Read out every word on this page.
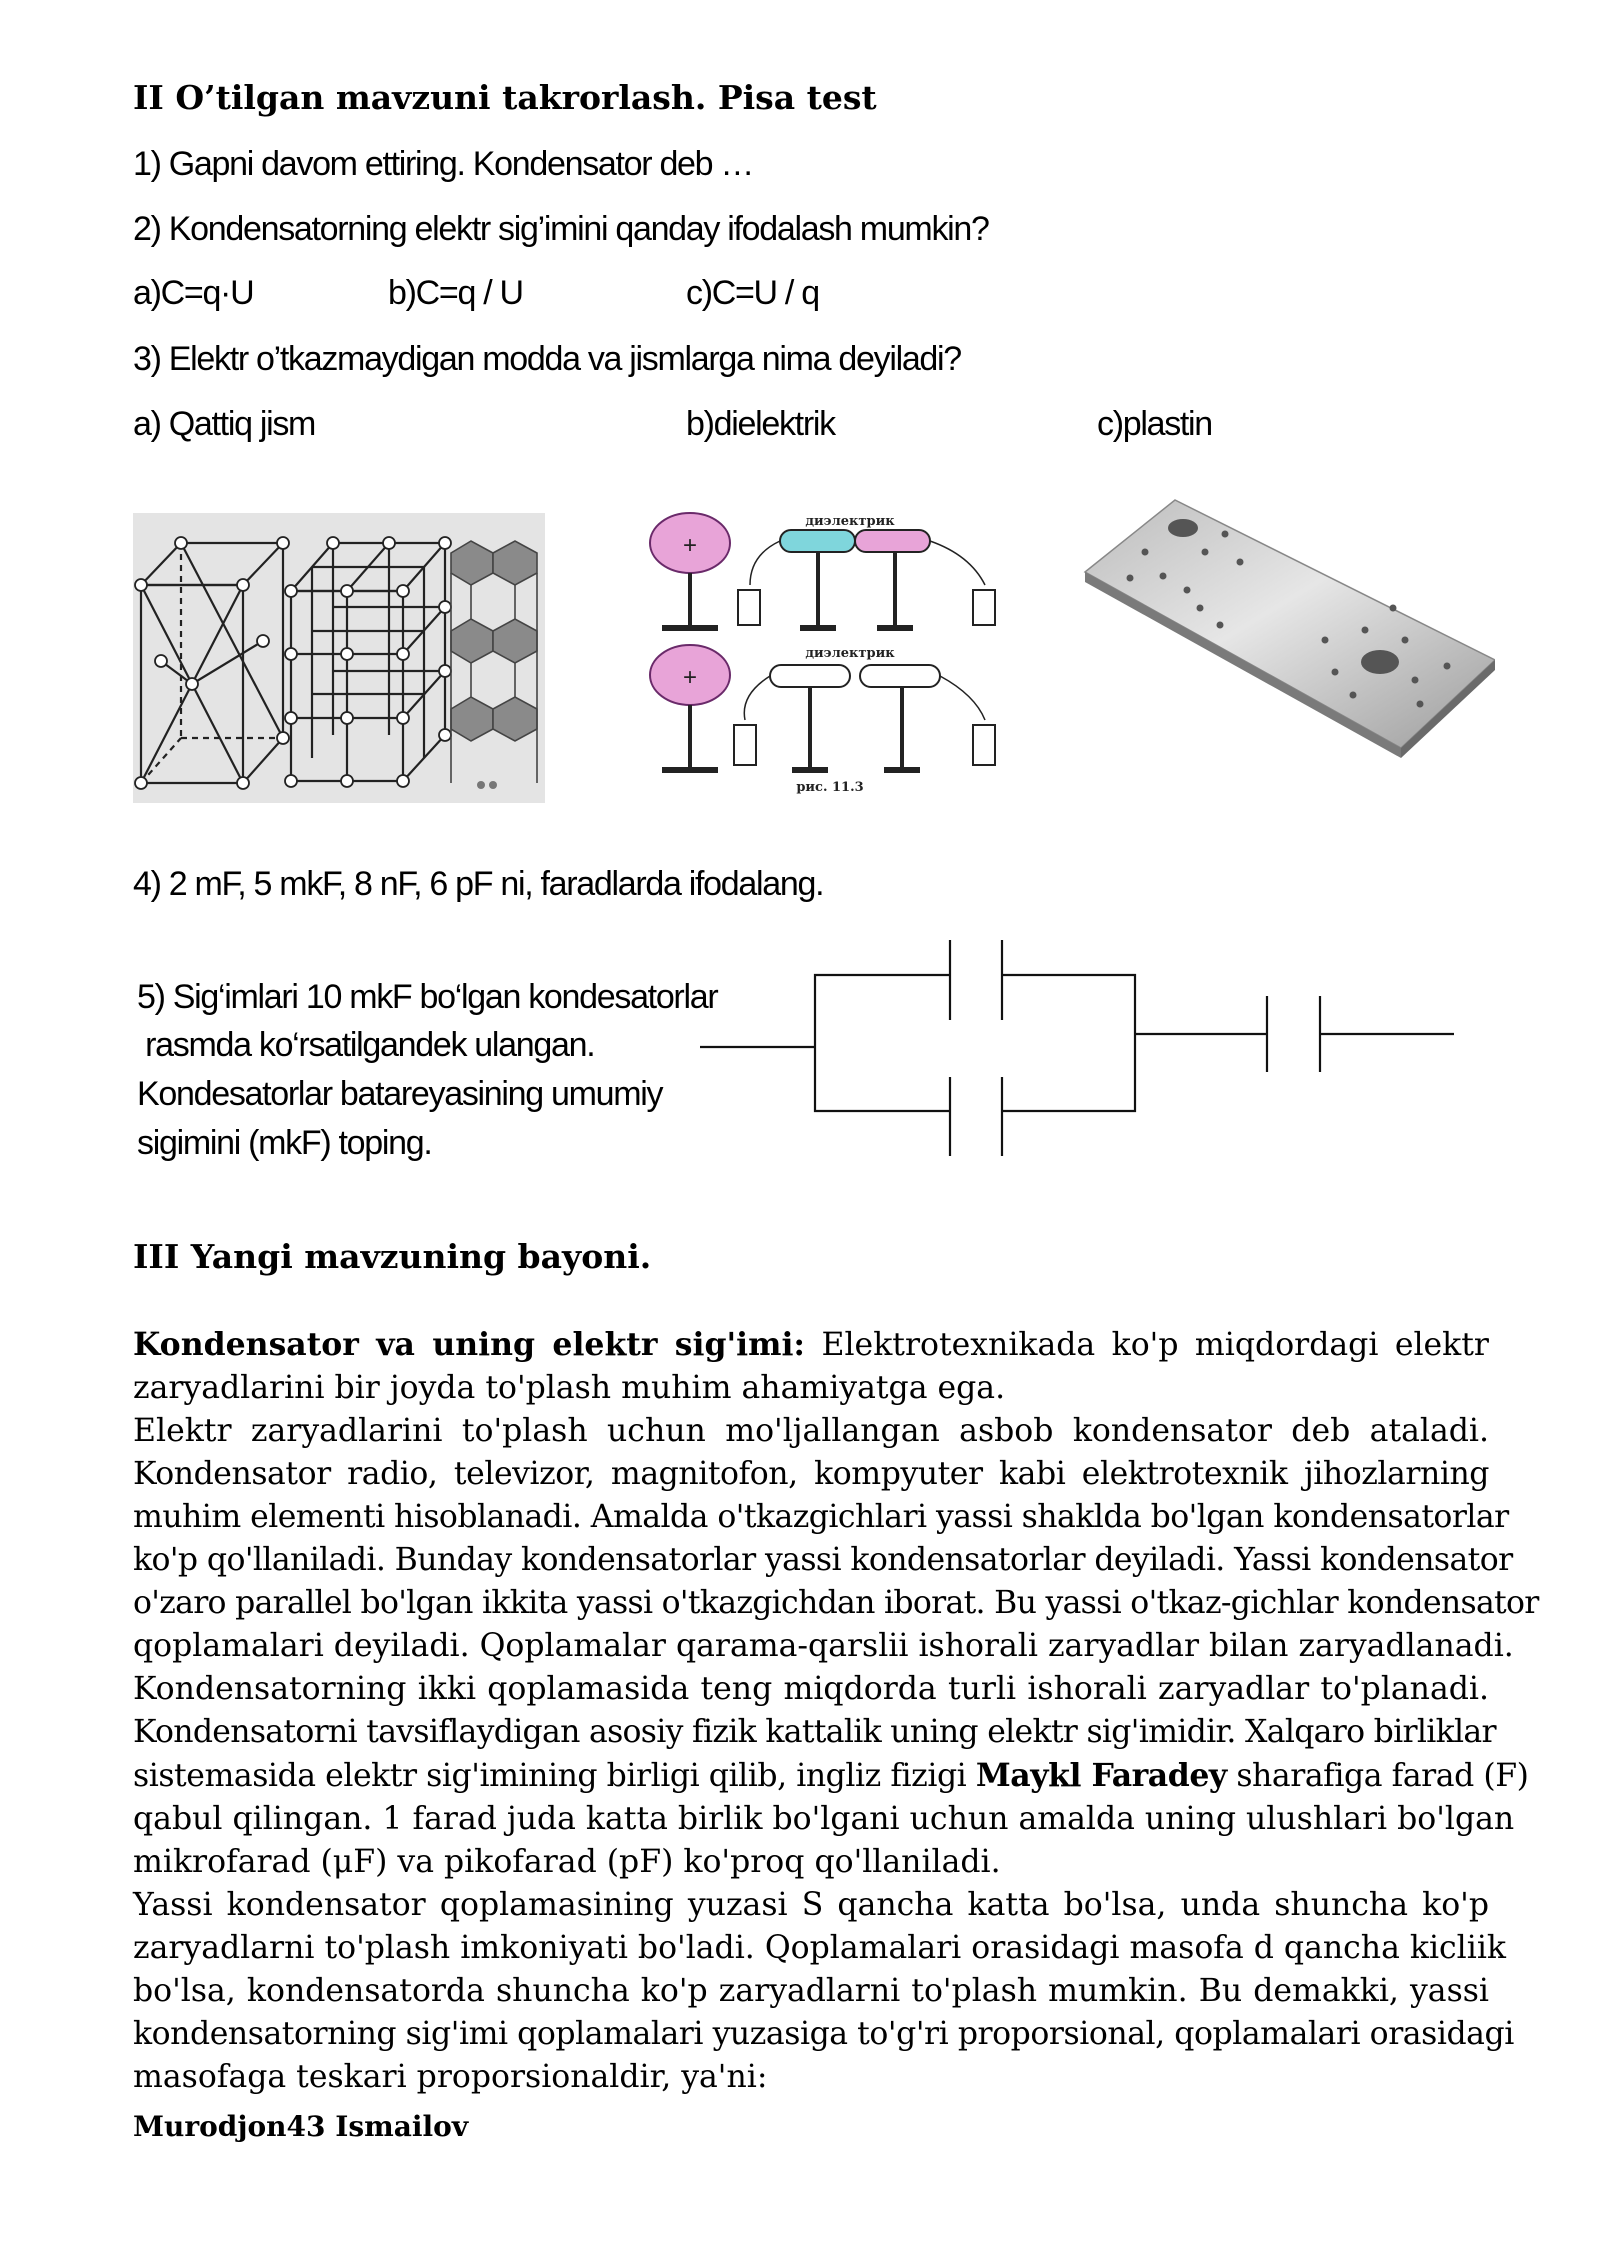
II O’tilgan mavzuni takrorlash. Pisa test
1) Gapni davom ettiring. Kondensator deb …
2) Kondensatorning elektr sig’imini qanday ifodalash mumkin?
a)C=q·U	b)C=q / U	c)C=U / q
3) Elektr o’tkazmaydigan modda va jismlarga nima deyiladi?
a) Qattiq jism	b)dielektrik	c)plastin
+
диэлектрик
+
диэлектрик
рис. 11.3
4) 2 mF, 5 mkF, 8 nF, 6 pF ni, faradlarda ifodalang.
5) Sig‘imlari 10 mkF bo‘lgan kondesatorlar
rasmda ko‘rsatilgandek ulangan.
Kondesatorlar batareyasining umumiy
sigimini (mkF) toping.
III Yangi mavzuning bayoni.
Kondensator va uning elektr sig'imi: Elektrotexnikada ko'p miqdordagi elektr
zaryadlarini bir joyda to'plash muhim ahamiyatga ega.
Elektr zaryadlarini to'plash uchun mo'ljallangan asbob kondensator deb ataladi.
Kondensator radio, televizor, magnitofon, kompyuter kabi elektrotexnik jihozlarning
muhim elementi hisoblanadi. Amalda o'tkazgichlari yassi shaklda bo'lgan kondensatorlar
ko'p qo'llaniladi. Bunday kondensatorlar yassi kondensatorlar deyiladi. Yassi kondensator
o'zaro parallel bo'lgan ikkita yassi o'tkazgichdan iborat. Bu yassi o'tkaz-gichlar kondensator
qoplamalari deyiladi. Qoplamalar qarama-qarslii ishorali zaryadlar bilan zaryadlanadi.
Kondensatorning ikki qoplamasida teng miqdorda turli ishorali zaryadlar to'planadi.
Kondensatorni tavsiflaydigan asosiy fizik kattalik uning elektr sig'imidir. Xalqaro birliklar
sistemasida elektr sig'imining birligi qilib, ingliz fizigi Maykl Faradey sharafiga farad (F)
qabul qilingan. 1 farad juda katta birlik bo'lgani uchun amalda uning ulushlari bo'lgan
mikrofarad (μF) va pikofarad (pF) ko'proq qo'llaniladi.
Yassi kondensator qoplamasining yuzasi S qancha katta bo'lsa, unda shuncha ko'p
zaryadlarni to'plash imkoniyati bo'ladi. Qoplamalari orasidagi masofa d qancha kicliik
bo'lsa, kondensatorda shuncha ko'p zaryadlarni to'plash mumkin. Bu demakki, yassi
kondensatorning sig'imi qoplamalari yuzasiga to'g'ri proporsional, qoplamalari orasidagi
masofaga teskari proporsionaldir, ya'ni:
Murodjon43 Ismailov
